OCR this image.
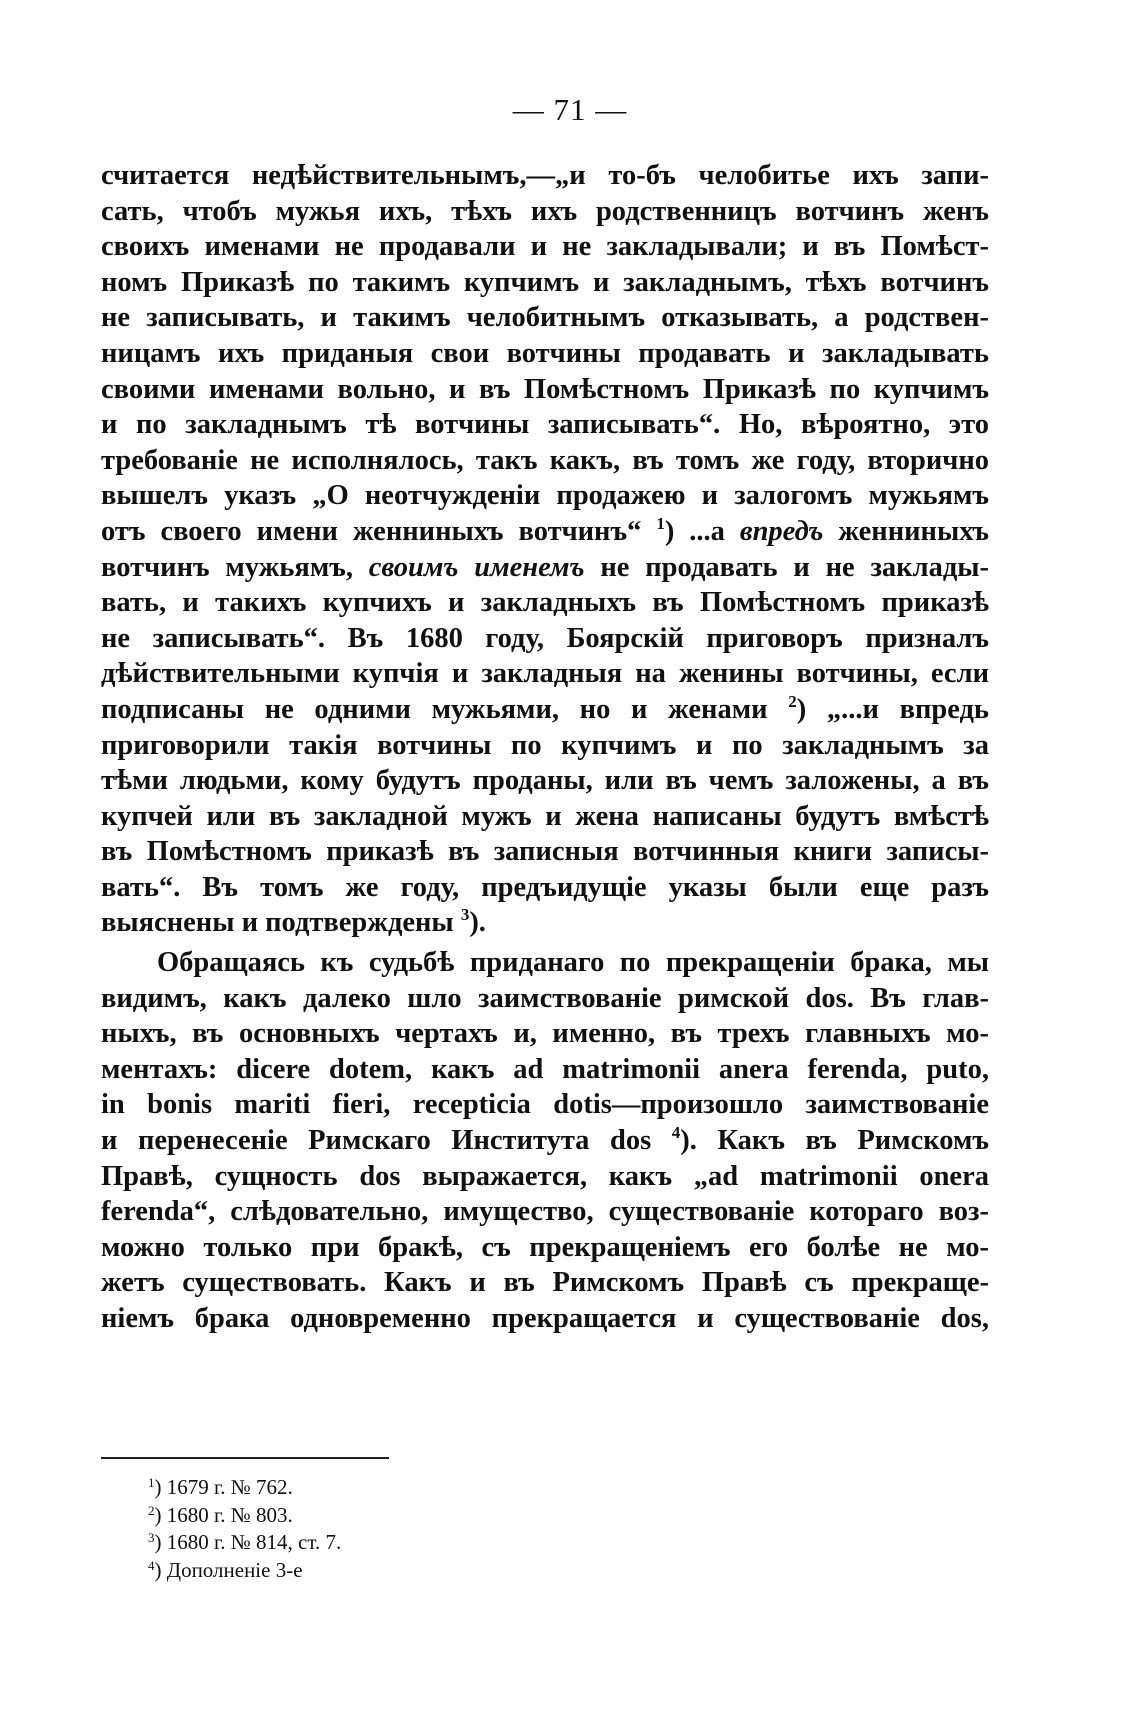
— 71 —
считается недѣйствительнымъ,—„и то-бъ челобитье ихъ запи-
сать, чтобъ мужья ихъ, тѣхъ ихъ родственницъ вотчинъ женъ
своихъ именами не продавали и не закладывали; и въ Помѣст-
номъ Приказѣ по такимъ купчимъ и закладнымъ, тѣхъ вотчинъ
не записывать, и такимъ челобитнымъ отказывать, а родствен-
ницамъ ихъ приданыя свои вотчины продавать и закладывать
своими именами вольно, и въ Помѣстномъ Приказѣ по купчимъ
и по закладнымъ тѣ вотчины записывать“. Но, вѣроятно, это
требованіе не исполнялось, такъ какъ, въ томъ же году, вторично
вышелъ указъ „О неотчужденіи продажею и залогомъ мужьямъ
отъ своего имени женниныхъ вотчинъ“ $^1$) ...а впредъ женниныхъ
вотчинъ мужьямъ, своимъ именемъ не продавать и не заклады-
вать, и такихъ купчихъ и закладныхъ въ Помѣстномъ приказѣ
не записывать“. Въ 1680 году, Боярскій приговоръ призналъ
дѣйствительными купчія и закладныя на женины вотчины, если
подписаны не одними мужьями, но и женами $^2$) „...и впредь
приговорили такія вотчины по купчимъ и по закладнымъ за
тѣми людьми, кому будутъ проданы, или въ чемъ заложены, а въ
купчей или въ закладной мужъ и жена написаны будутъ вмѣстѣ
въ Помѣстномъ приказѣ въ записныя вотчинныя книги записы-
вать“. Въ томъ же году, предъидущіе указы были еще разъ
выяснены и подтверждены $^3$).
Обращаясь къ судьбѣ приданаго по прекращеніи брака, мы
видимъ, какъ далеко шло заимствованіе римской dos. Въ глав-
ныхъ, въ основныхъ чертахъ и, именно, въ трехъ главныхъ мо-
ментахъ: dicere dotem, какъ ad matrimonii anera ferenda, puto,
in bonis mariti fieri, recepticia dotis—произошло заимствованіе
и перенесеніе Римскаго Института dos $^4$). Какъ въ Римскомъ
Правѣ, сущность dos выражается, какъ „ad matrimonii onera
ferenda“, слѣдовательно, имущество, существованіе котораго воз-
можно только при бракѣ, съ прекращеніемъ его болѣе не мо-
жетъ существовать. Какъ и въ Римскомъ Правѣ съ прекраще-
ніемъ брака одновременно прекращается и существованіе dos,
$^1$) 1679 г. № 762.
$^2$) 1680 г. № 803.
$^3$) 1680 г. № 814, ст. 7.
$^4$) Дополненіе 3-е
